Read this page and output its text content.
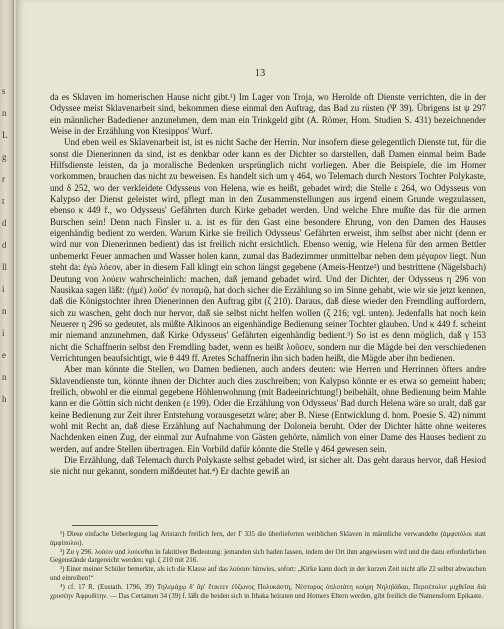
s
n
L
g
r
t
d
d
ll
i
n
i
e
n
h
13

da es Sklaven im homerischen Hause nicht gibt.¹) Im Lager von Troja, wo Herolde oft Dienste verrichten, die in der Odyssee meist Sklavenarbeit sind, bekommen diese einmal den Auftrag, das Bad zu rüsten (Ψ 39). Übrigens ist ψ 297 ein männlicher Badediener anzunehmen, dem man ein Trinkgeld gibt (A. Römer, Hom. Studien S. 431) bezeichnender Weise in der Erzählung von Ktesippos' Wurf.

Und eben weil es Sklavenarbeit ist, ist es nicht Sache der Herrin. Nur insofern diese gelegentlich Dienste tut, für die sonst die Dienerinnen da sind, ist es denkbar oder kann es der Dichter so darstellen, daß Damen einmal beim Bade Hilfsdienste leisten, da ja moralische Bedenken ursprünglich nicht vorliegen. Aber die Beispiele, die im Homer vorkommen, brauchen das nicht zu beweisen. Es handelt sich um γ 464, wo Telemach durch Nestors Tochter Polykaste, und δ 252, wo der verkleidete Odysseus von Helena, wie es heißt, gebadet wird; die Stelle ε 264, wo Odysseus von Kalypso der Dienst geleistet wird, pflegt man in den Zusammenstellungen aus irgend einem Grunde wegzulassen, ebenso κ 449 f., wo Odysseus' Gefährten durch Kirke gebadet werden. Und welche Ehre mußte das für die armen Burschen sein! Denn nach Finsler u. a. ist es für den Gast eine besondere Ehrung, von den Damen des Hauses eigenhändig bedient zu werden. Warum Kirke sie freilich Odysseus' Gefährten erweist, ihm selbst aber nicht (denn er wird nur von Dienerinnen bedient) das ist freilich nicht ersichtlich. Ebenso wenig, wie Helena für den armen Bettler unbemerkt Feuer anmachen und Wasser holen kann, zumal das Badezimmer unmittelbar neben dem μέγαρον liegt. Nun steht da: ἐγὼ λόεον, aber in diesem Fall klingt ein schon längst gegebene (Ameis-Hentze²) und bestrittene (Nägelsbach) Deutung von λούειν wahrscheinlich: machen, daß jemand gebadet wird. Und der Dichter, der Odysseus η 296 von Nausikaa sagen läßt: (ἡμέ) λοῦσ' ἐν ποταμῷ, hat doch sicher die Erzählung so im Sinne gehabt, wie wir sie jetzt kennen, daß die Königstochter ihren Dienerinnen den Auftrag gibt (ζ 210). Daraus, daß diese wieder den Fremdling auffordern, sich zu waschen, geht doch nur hervor, daß sie selbst nicht helfen wollen (ζ 216; vgl. unten). Jedenfalls hat noch kein Neuerer η 296 so gedeutet, als müßte Alkinoos an eigenhändige Bedienung seiner Tochter glauben. Und κ 449 f. scheint mir niemand anzunehmen, daß Kirke Odysseus' Gefährten eigenhändig bedient.³) So ist es denn möglich, daß γ 153 nicht die Schaffnerin selbst den Fremdling badet, wenn es heißt λοῦσεν, sondern nur die Mägde bei den verschiedenen Verrichtungen beaufsichtigt, wie θ 449 ff. Aretes Schaffnerin ihn sich baden heißt, die Mägde aber ihn bedienen.

Aber man könnte die Stellen, wo Damen bedienen, auch anders deuten: wie Herren und Herrinnen öfters andre Sklavendienste tun, könnte ihnen der Dichter auch dies zuschreiben; von Kalypso könnte er es etwa so gemeint haben; freilich, obwohl er die einmal gegebene Höhlenwohnung (mit Badeeinrichtung!) beibehält, ohne Bedienung beim Mahle kann er die Göttin sich nicht denken (ε 199). Oder die Erzählung von Odysseus' Bad durch Helena wäre so uralt, daß gar keine Bedienung zur Zeit ihrer Entstehung vorausgesetzt wäre; aber B. Niese (Entwicklung d. hom. Poesie S. 42) nimmt wohl mit Recht an, daß diese Erzählung auf Nachahmung der Doloneia beruht. Oder der Dichter hätte ohne weiteres Nachdenken einen Zug, der einmal zur Aufnahme von Gästen gehörte, nämlich von einer Dame des Hauses bedient zu werden, auf andre Stellen übertragen. Ein Vorbild dafür könnte die Stelle γ 464 gewesen sein.

Die Erzählung, daß Telemach durch Polykaste selbst gebadet wird, ist sicher alt. Das geht daraus hervor, daß Hesiod sie nicht nur gekannt, sondern mißdeutet hat.⁴) Er dachte gewiß an

¹) Diese einfache Ueberlegung lag Aristarch freilich fern, der Γ 335 die überlieferten weiblichen Sklaven in männliche verwandelte (ἀμφιπόλοι statt ἀμφίπολοι).

²) Zu γ 296. λούειν und λούεσθαι in faktitiver Bedeutung: jemanden sich baden lassen, indem der Ort ihm angewiesen wird und die dazu erforderlichen Gegenstände dargereicht werden; vgl. ζ 210 mit 216.

³) Einer meiner Schüler bemerkte, als ich die Klasse auf das λούσαν hinwies, sofort: „Kirke kann doch in der kurzen Zeit nicht alle 22 selbst abwaschen und einreiben!“

⁴) cf. 17 R. (Eustath. 1796, 39) Τηλεμάχῳ δ' ἄρ' ἔτικτεν ἐΰζωνος Πολυκάστη, Νέστορος ὁπλοτάτη κούρη Νηληϊάδαο, Περσέπολιν μιχθεῖσα διὰ χρυσέην Ἀφροδίτην. — Das Certamen 34 (39) f. läßt die beiden sich in Ithaka heiraten und Homers Eltern werden, gibt freilich die Namensform Epikaste.
